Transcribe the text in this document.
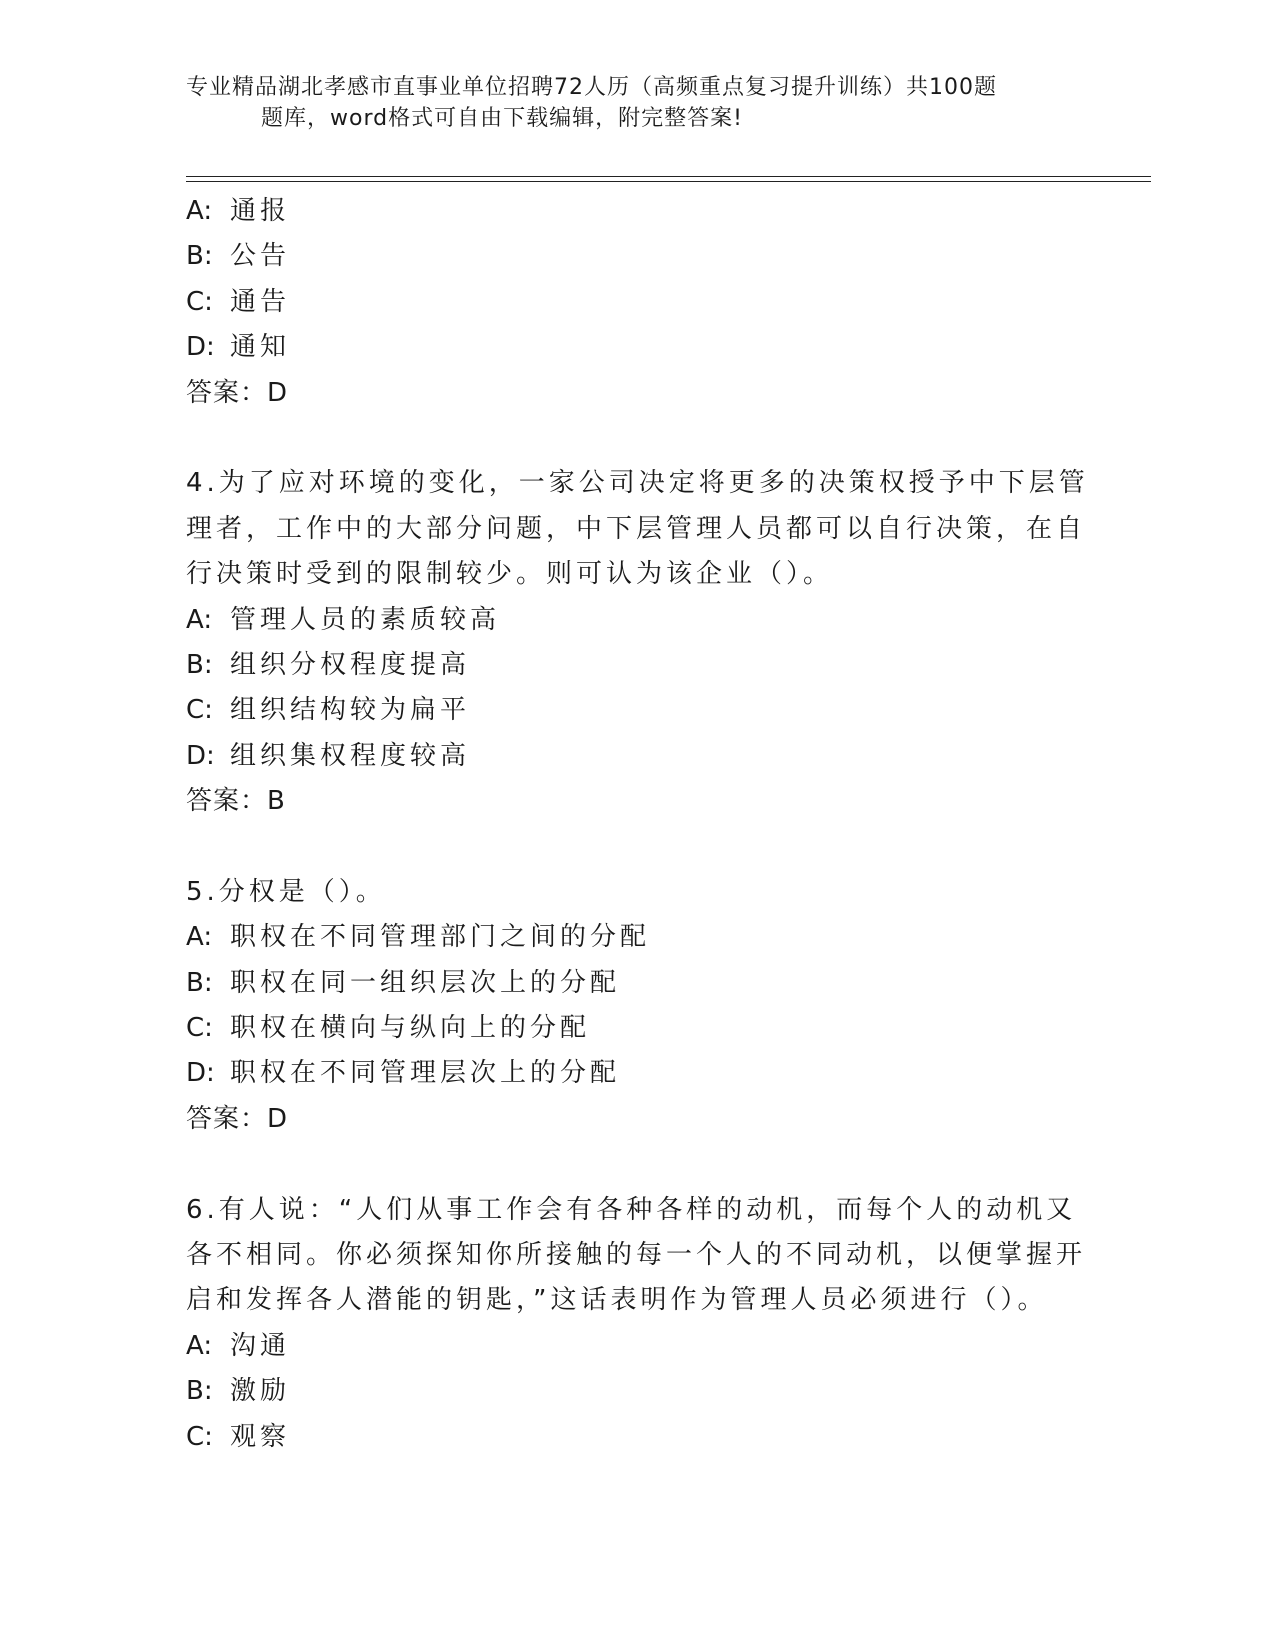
专业精品湖北孝感市直事业单位招聘72人历（高频重点复习提升训练）共100题
题库，word格式可自由下载编辑，附完整答案!
A: 通报
B: 公告
C: 通告
D: 通知
答案：D
4.为了应对环境的变化，一家公司决定将更多的决策权授予中下层管
理者，工作中的大部分问题，中下层管理人员都可以自行决策，在自
行决策时受到的限制较少。则可认为该企业（）。
A: 管理人员的素质较高
B: 组织分权程度提高
C: 组织结构较为扁平
D: 组织集权程度较高
答案：B
5.分权是（）。
A: 职权在不同管理部门之间的分配
B: 职权在同一组织层次上的分配
C: 职权在横向与纵向上的分配
D: 职权在不同管理层次上的分配
答案：D
6.有人说：“人们从事工作会有各种各样的动机，而每个人的动机又
各不相同。你必须探知你所接触的每一个人的不同动机，以便掌握开
启和发挥各人潜能的钥匙，”这话表明作为管理人员必须进行（）。
A: 沟通
B: 激励
C: 观察
